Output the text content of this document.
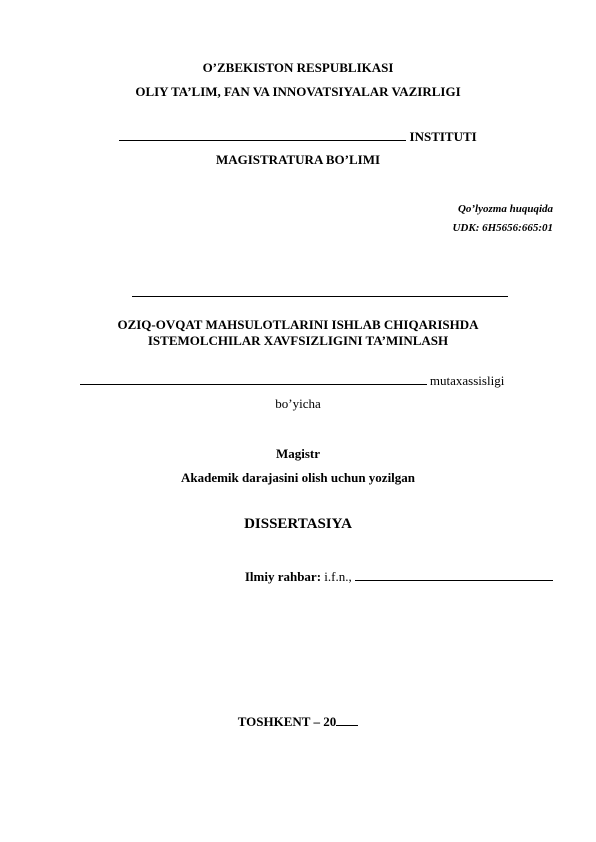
O’ZBEKISTON RESPUBLIKASI
OLIY TA’LIM, FAN VA INNOVATSIYALAR VAZIRLIGI
INSTITUTI
MAGISTRATURA BO’LIMI
Qo’lyozma huquqida
UDK: 6H5656:665:01
OZIQ-OVQAT MAHSULOTLARINI ISHLAB CHIQARISHDA
ISTEMOLCHILAR XAVFSIZLIGINI TA’MINLASH
mutaxassisligi
bo’yicha
Magistr
Akademik darajasini olish uchun yozilgan
DISSERTASIYA
Ilmiy rahbar: i.f.n.,
TOSHKENT – 20
